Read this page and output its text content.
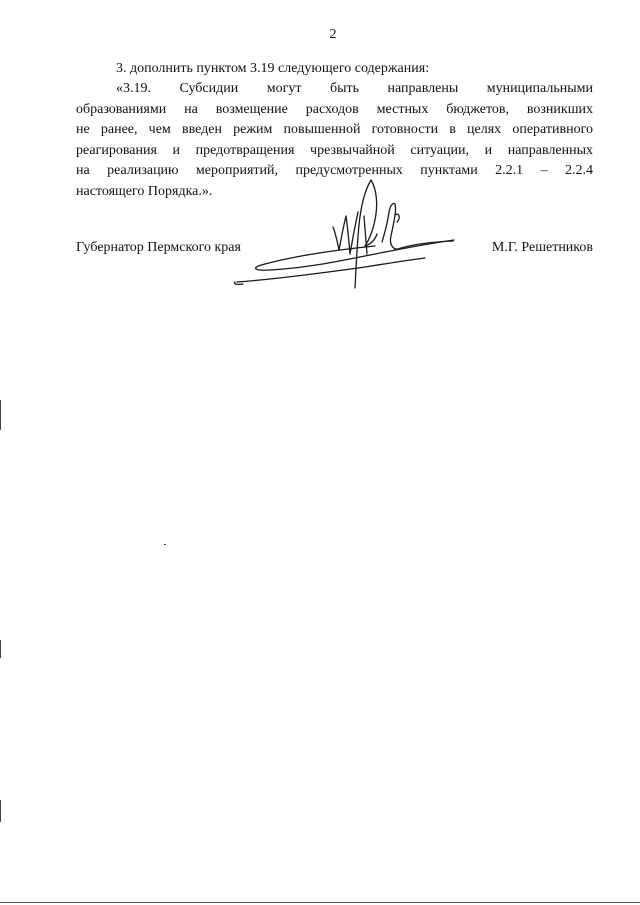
2
3. дополнить пунктом 3.19 следующего содержания:
«3.19. Субсидии могут быть направлены муниципальными
образованиями на возмещение расходов местных бюджетов, возникших
не ранее, чем введен режим повышенной готовности в целях оперативного
реагирования и предотвращения чрезвычайной ситуации, и направленных
на реализацию мероприятий, предусмотренных пунктами 2.2.1 – 2.2.4
настоящего Порядка.».
Губернатор Пермского края	М.Г. Решетников
